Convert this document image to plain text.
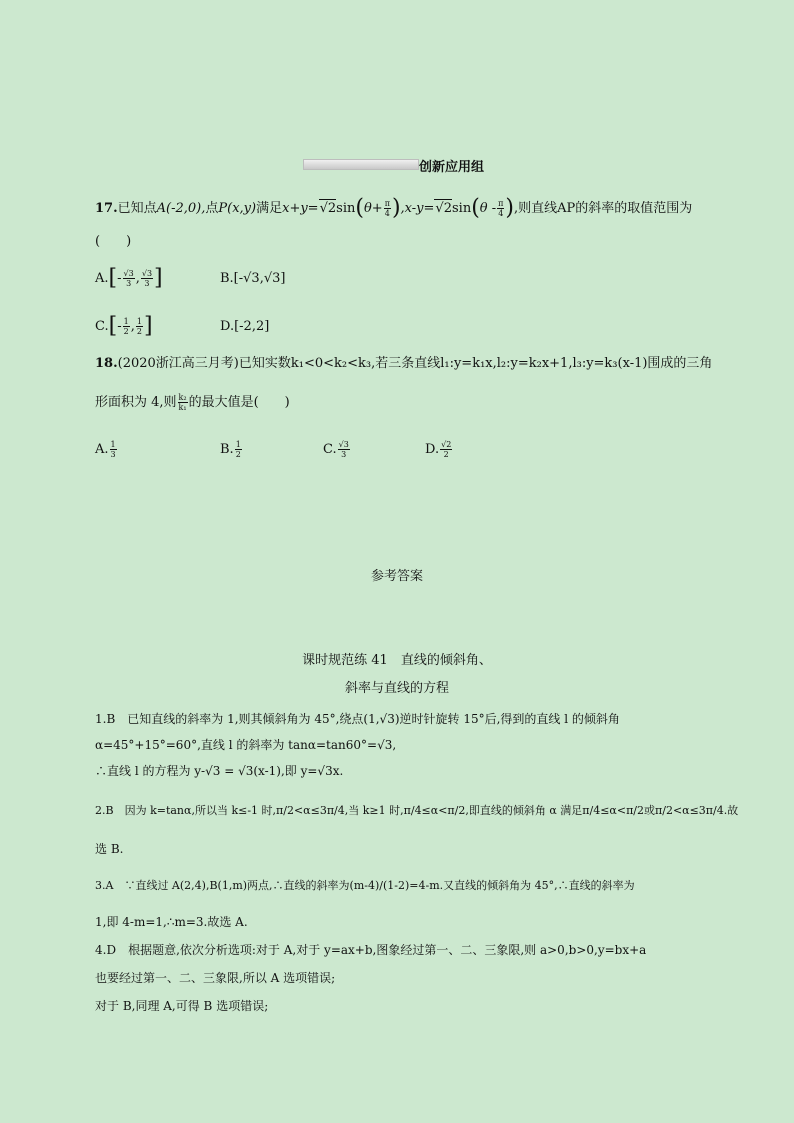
创新应用组
17.已知点A(-2,0),点P(x,y)满足x+y=√ $2\sin(\theta+ \frac{\pi}{4} ),x-y=√$ $2\sin(\theta - \frac{\pi}{4}$ ),则直线AP的斜率的取值范围为
(　　)
$A.[- \frac{√3}{3}$ , $\frac{√3}{3}$ ]	B.[-√3,√3]
$C.[- \frac{1}{2}$ , $\frac{1}{2}$ ]	D.[-2,2]
18.(2020浙江高三月考)已知实数k₁<0<k₂<k₃,若三条直线l₁:y=k₁x,l₂:y=k₂x+1,l₃:y=k₃(x-1)围成的三角
形面积为 4,则 $\frac{\text{k₂}}{\text{k₁}}$ 的最大值是(　　)
A. $\frac{1}{3}$	B. $\frac{1}{2}$	C. $\frac{√3}{3}$	D. $\frac{√2}{2}$
参考答案
课时规范练 41　直线的倾斜角、
斜率与直线的方程
1.B　已知直线的斜率为 1,则其倾斜角为 45°,绕点(1,√3)逆时针旋转 15°后,得到的直线 l 的倾斜角
α=45°+15°=60°,直线 l 的斜率为 tanα=tan60°=√3,
∴直线 l 的方程为 y-√3 = √3(x-1),即 y=√3x.
2.B　因为 k=tanα,所以当 k≤-1 时,π/2<α≤3π/4,当 k≥1 时,π/4≤α<π/2,即直线的倾斜角 α 满足π/4≤α<π/2或π/2<α≤3π/4.故
选 B.
3.A　∵直线过 A(2,4),B(1,m)两点,∴直线的斜率为(m-4)/(1-2)=4-m.又直线的倾斜角为 45°,∴直线的斜率为
1,即 4-m=1,∴m=3.故选 A.
4.D　根据题意,依次分析选项:对于 A,对于 y=ax+b,图象经过第一、二、三象限,则 a>0,b>0,y=bx+a
也要经过第一、二、三象限,所以 A 选项错误;
对于 B,同理 A,可得 B 选项错误;
